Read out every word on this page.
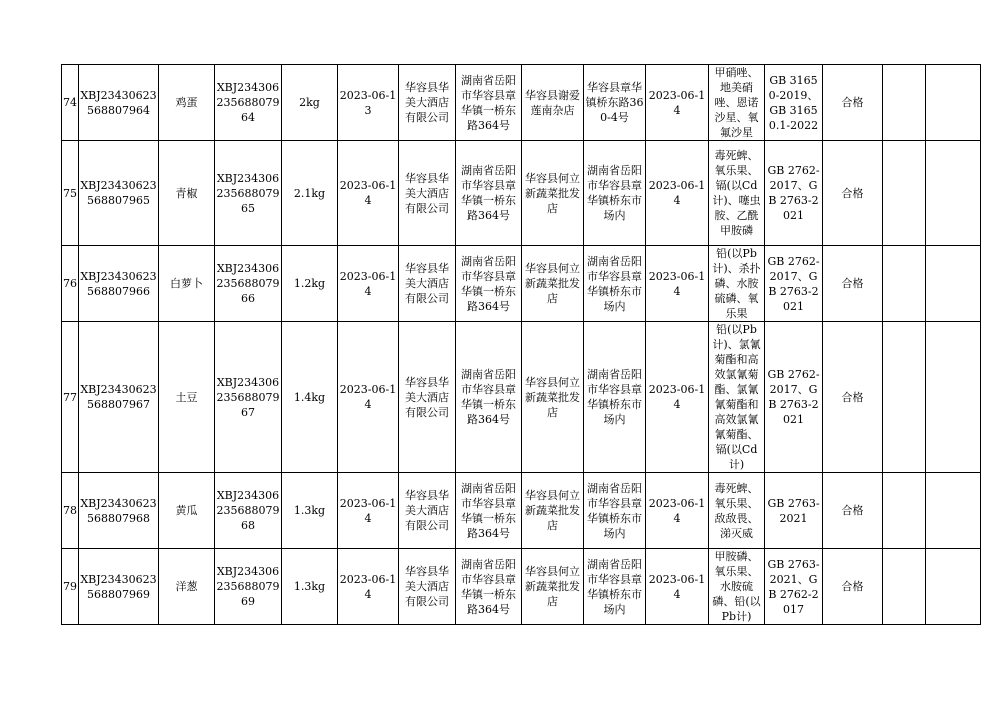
74	XBJ23430623568807964	鸡蛋	XBJ23430623568807964	2kg	2023-06-13	华容县华美大酒店有限公司	湖南省岳阳市华容县章华镇一桥东路364号	华容县谢爱莲南杂店	华容县章华镇桥东路360-4号	2023-06-14	甲硝唑、地美硝唑、恩诺沙星、氧氟沙星	GB 31650-2019、GB 31650.1-2022	合格		
75	XBJ23430623568807965	青椒	XBJ23430623568807965	2.1kg	2023-06-14	华容县华美大酒店有限公司	湖南省岳阳市华容县章华镇一桥东路364号	华容县何立新蔬菜批发店	湖南省岳阳市华容县章华镇桥东市场内	2023-06-14	毒死蜱、氧乐果、镉(以Cd计)、噻虫胺、乙酰甲胺磷	GB 2762-2017、GB 2763-2021	合格		
76	XBJ23430623568807966	白萝卜	XBJ23430623568807966	1.2kg	2023-06-14	华容县华美大酒店有限公司	湖南省岳阳市华容县章华镇一桥东路364号	华容县何立新蔬菜批发店	湖南省岳阳市华容县章华镇桥东市场内	2023-06-14	铅(以Pb计)、杀扑磷、水胺硫磷、氧乐果	GB 2762-2017、GB 2763-2021	合格		
77	XBJ23430623568807967	土豆	XBJ23430623568807967	1.4kg	2023-06-14	华容县华美大酒店有限公司	湖南省岳阳市华容县章华镇一桥东路364号	华容县何立新蔬菜批发店	湖南省岳阳市华容县章华镇桥东市场内	2023-06-14	铅(以Pb计)、氯氰菊酯和高效氯氰菊酯、氯氰氰菊酯和高效氯氰氰菊酯、镉(以Cd计)	GB 2762-2017、GB 2763-2021	合格		
78	XBJ23430623568807968	黄瓜	XBJ23430623568807968	1.3kg	2023-06-14	华容县华美大酒店有限公司	湖南省岳阳市华容县章华镇一桥东路364号	华容县何立新蔬菜批发店	湖南省岳阳市华容县章华镇桥东市场内	2023-06-14	毒死蜱、氧乐果、敌敌畏、涕灭威	GB 2763-2021	合格		
79	XBJ23430623568807969	洋葱	XBJ23430623568807969	1.3kg	2023-06-14	华容县华美大酒店有限公司	湖南省岳阳市华容县章华镇一桥东路364号	华容县何立新蔬菜批发店	湖南省岳阳市华容县章华镇桥东市场内	2023-06-14	甲胺磷、氧乐果、水胺硫磷、铅(以Pb计)	GB 2763-2021、GB 2762-2017	合格		
